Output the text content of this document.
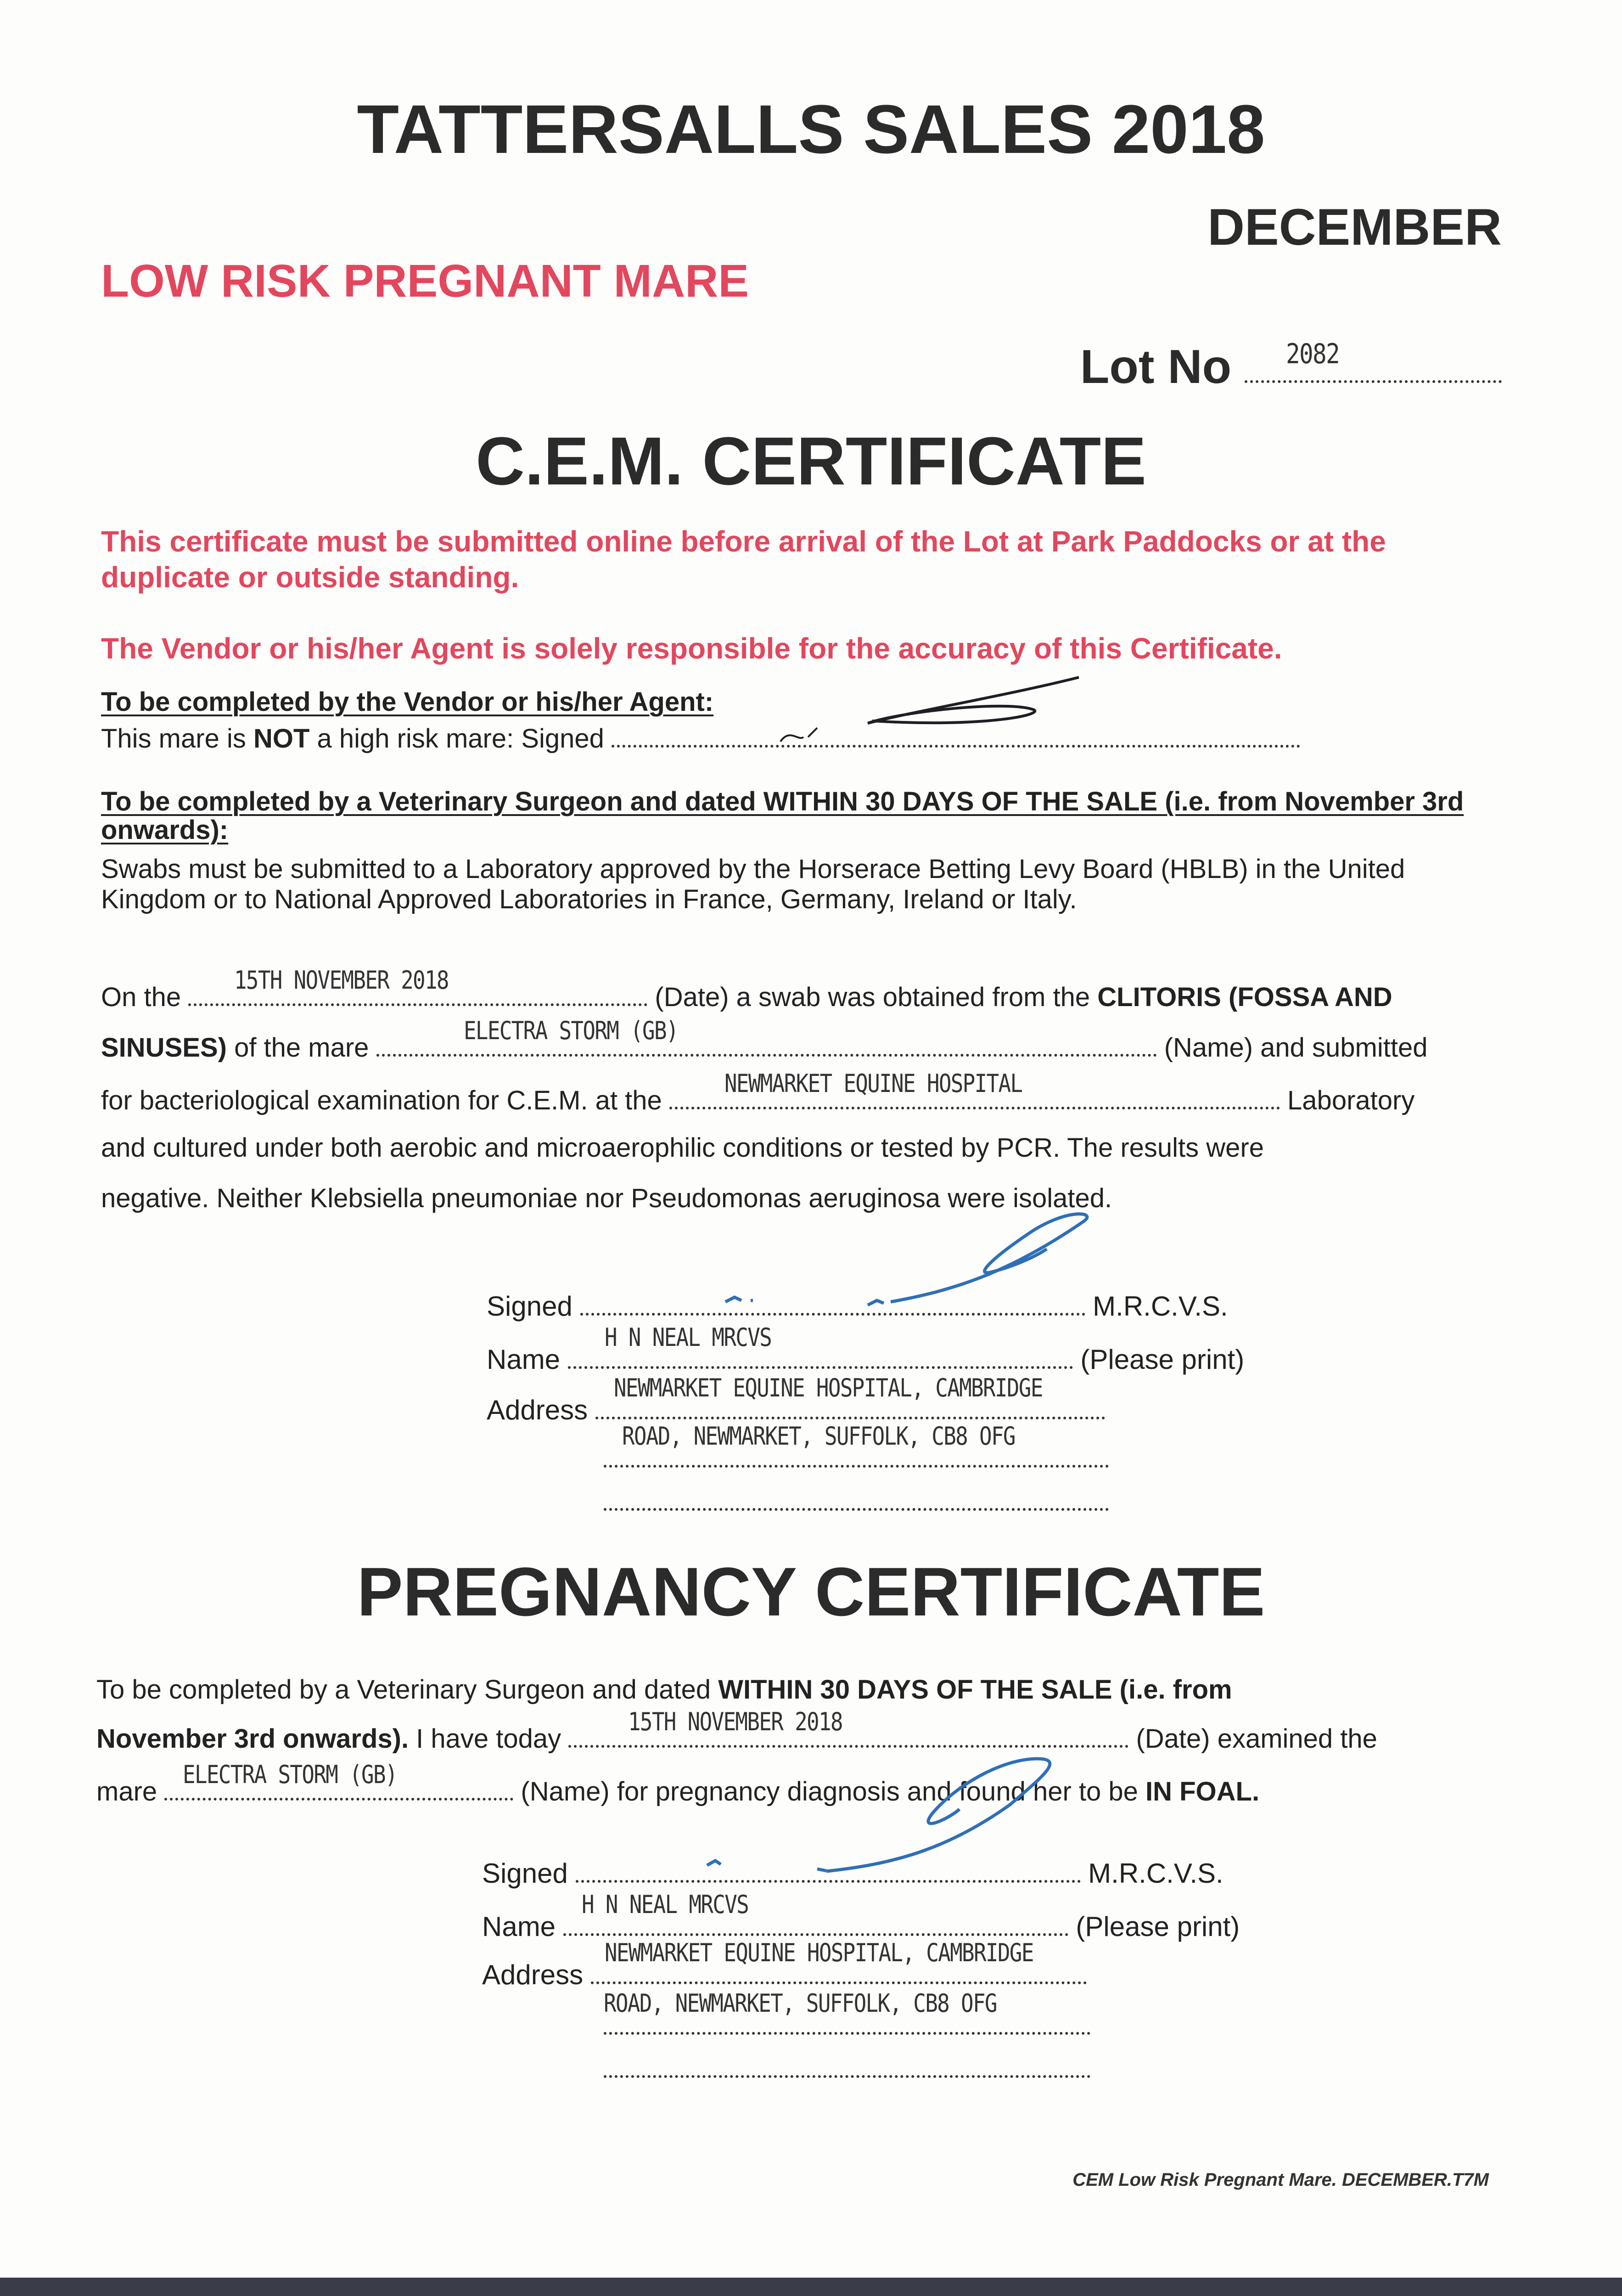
TATTERSALLS SALES 2018
DECEMBER
LOW RISK PREGNANT MARE
Lot No 2082
C.E.M. CERTIFICATE
This certificate must be submitted online before arrival of the Lot at Park Paddocks or at the duplicate or outside standing.
The Vendor or his/her Agent is solely responsible for the accuracy of this Certificate.
To be completed by the Vendor or his/her Agent:
This mare is NOT a high risk mare: Signed
To be completed by a Veterinary Surgeon and dated WITHIN 30 DAYS OF THE SALE (i.e. from November 3rd onwards):
Swabs must be submitted to a Laboratory approved by the Horserace Betting Levy Board (HBLB) in the United Kingdom or to National Approved Laboratories in France, Germany, Ireland or Italy.
On the
15TH NOVEMBER 2018
(Date) a swab was obtained from the CLITORIS (FOSSA AND
SINUSES) of the mare
ELECTRA STORM (GB)
(Name) and submitted
for bacteriological examination for C.E.M. at the
NEWMARKET EQUINE HOSPITAL
Laboratory
and cultured under both aerobic and microaerophilic conditions or tested by PCR. The results were
negative. Neither Klebsiella pneumoniae nor Pseudomonas aeruginosa were isolated.
Signed	M.R.C.V.S.
Name
H N NEAL MRCVS
(Please print)
Address
NEWMARKET EQUINE HOSPITAL, CAMBRIDGE
ROAD, NEWMARKET, SUFFOLK, CB8 OFG
PREGNANCY CERTIFICATE
To be completed by a Veterinary Surgeon and dated WITHIN 30 DAYS OF THE SALE (i.e. from
November 3rd onwards). I have today
15TH NOVEMBER 2018
(Date) examined the
mare
ELECTRA STORM (GB)
(Name) for pregnancy diagnosis and found her to be IN FOAL.
Signed	M.R.C.V.S.
Name
H N NEAL MRCVS
(Please print)
Address
NEWMARKET EQUINE HOSPITAL, CAMBRIDGE
ROAD, NEWMARKET, SUFFOLK, CB8 OFG
CEM Low Risk Pregnant Mare. DECEMBER.T7M
